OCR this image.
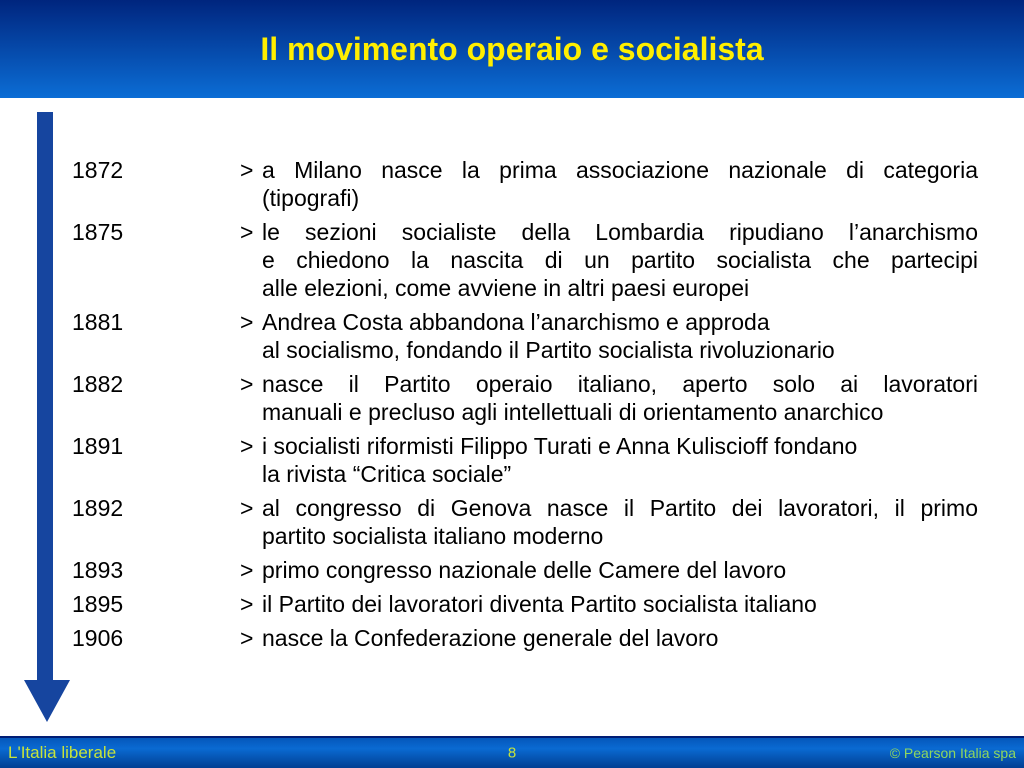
Il movimento operaio e socialista
1872	> a Milano nasce la prima associazione nazionale di categoria
(tipografi)
1875	> le sezioni socialiste della Lombardia ripudiano l’anarchismo
e chiedono la nascita di un partito socialista che partecipi
alle elezioni, come avviene in altri paesi europei
1881	> Andrea Costa abbandona l’anarchismo e approda
al socialismo, fondando il Partito socialista rivoluzionario
1882	> nasce il Partito operaio italiano, aperto solo ai lavoratori
manuali e precluso agli intellettuali di orientamento anarchico
1891	> i socialisti riformisti Filippo Turati e Anna Kuliscioff fondano
la rivista “Critica sociale”
1892	> al congresso di Genova nasce il Partito dei lavoratori, il primo
partito socialista italiano moderno
1893	> primo congresso nazionale delle Camere del lavoro
1895	> il Partito dei lavoratori diventa Partito socialista italiano
1906	> nasce la Confederazione generale del lavoro
L'Italia liberale	8	© Pearson Italia spa
